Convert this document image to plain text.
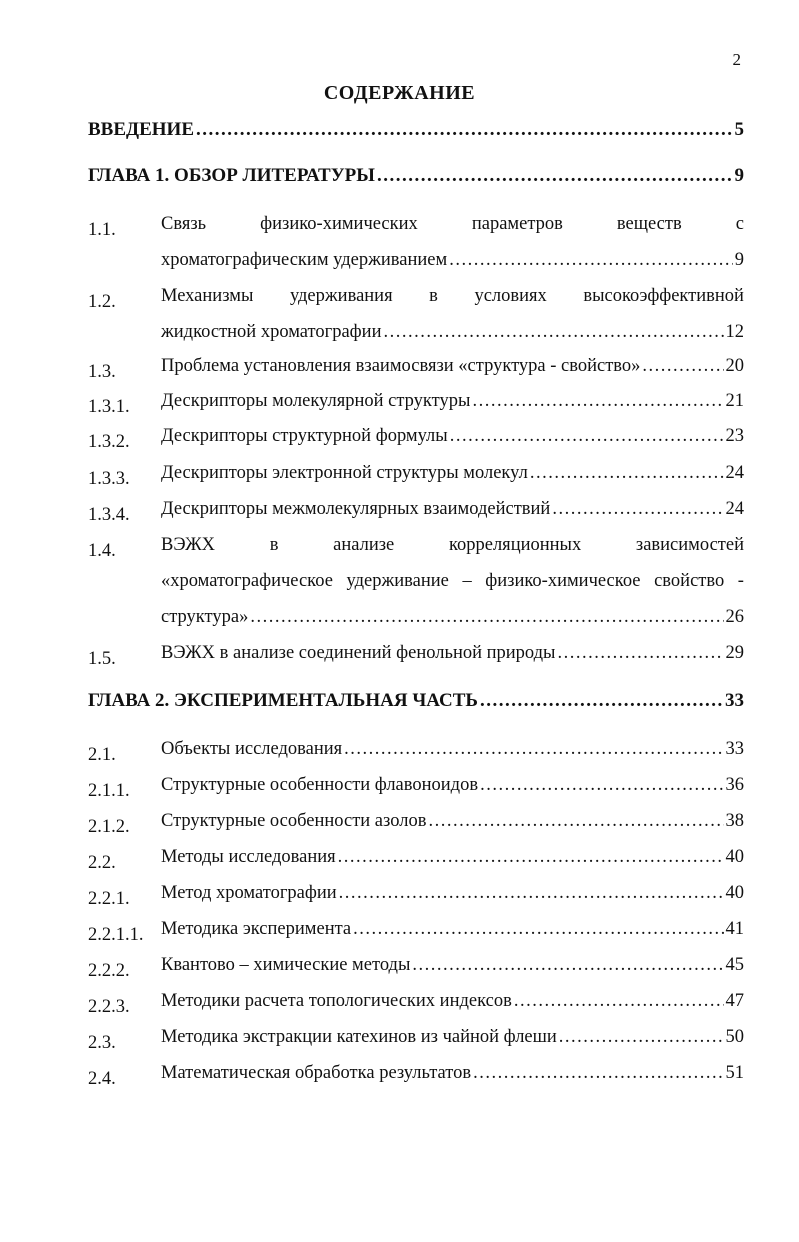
2
СОДЕРЖАНИЕ
ВВЕДЕНИЕ .....	5
ГЛАВА 1. ОБЗОР ЛИТЕРАТУРЫ .....	9
1.1. Связь	физико-химических	параметров	веществ	с
хроматографическим удерживанием .....	9
1.2. Механизмы удерживания в условиях высокоэффективной
жидкостной хроматографии .....	12
1.3. Проблема установления взаимосвязи «структура - свойство» .....	20
1.3.1. Дескрипторы молекулярной структуры .....	21
1.3.2. Дескрипторы структурной формулы .....	23
1.3.3. Дескрипторы электронной структуры молекул .....	24
1.3.4. Дескрипторы межмолекулярных взаимодействий .....	24
1.4. ВЭЖХ	в	анализе	корреляционных	зависимостей
«хроматографическое удерживание – физико-химическое свойство -
структура» .....	26
1.5. ВЭЖХ в анализе соединений фенольной природы .....	29
ГЛАВА 2. ЭКСПЕРИМЕНТАЛЬНАЯ ЧАСТЬ .....	33
2.1. Объекты исследования .....	33
2.1.1. Структурные особенности флавоноидов .....	36
2.1.2. Структурные особенности азолов .....	38
2.2. Методы исследования .....	40
2.2.1. Метод хроматографии .....	40
2.2.1.1. Методика эксперимента .....	41
2.2.2. Квантово – химические методы .....	45
2.2.3. Методики расчета топологических индексов .....	47
2.3. Методика экстракции катехинов из чайной флеши .....	50
2.4. Математическая обработка результатов .....	51
